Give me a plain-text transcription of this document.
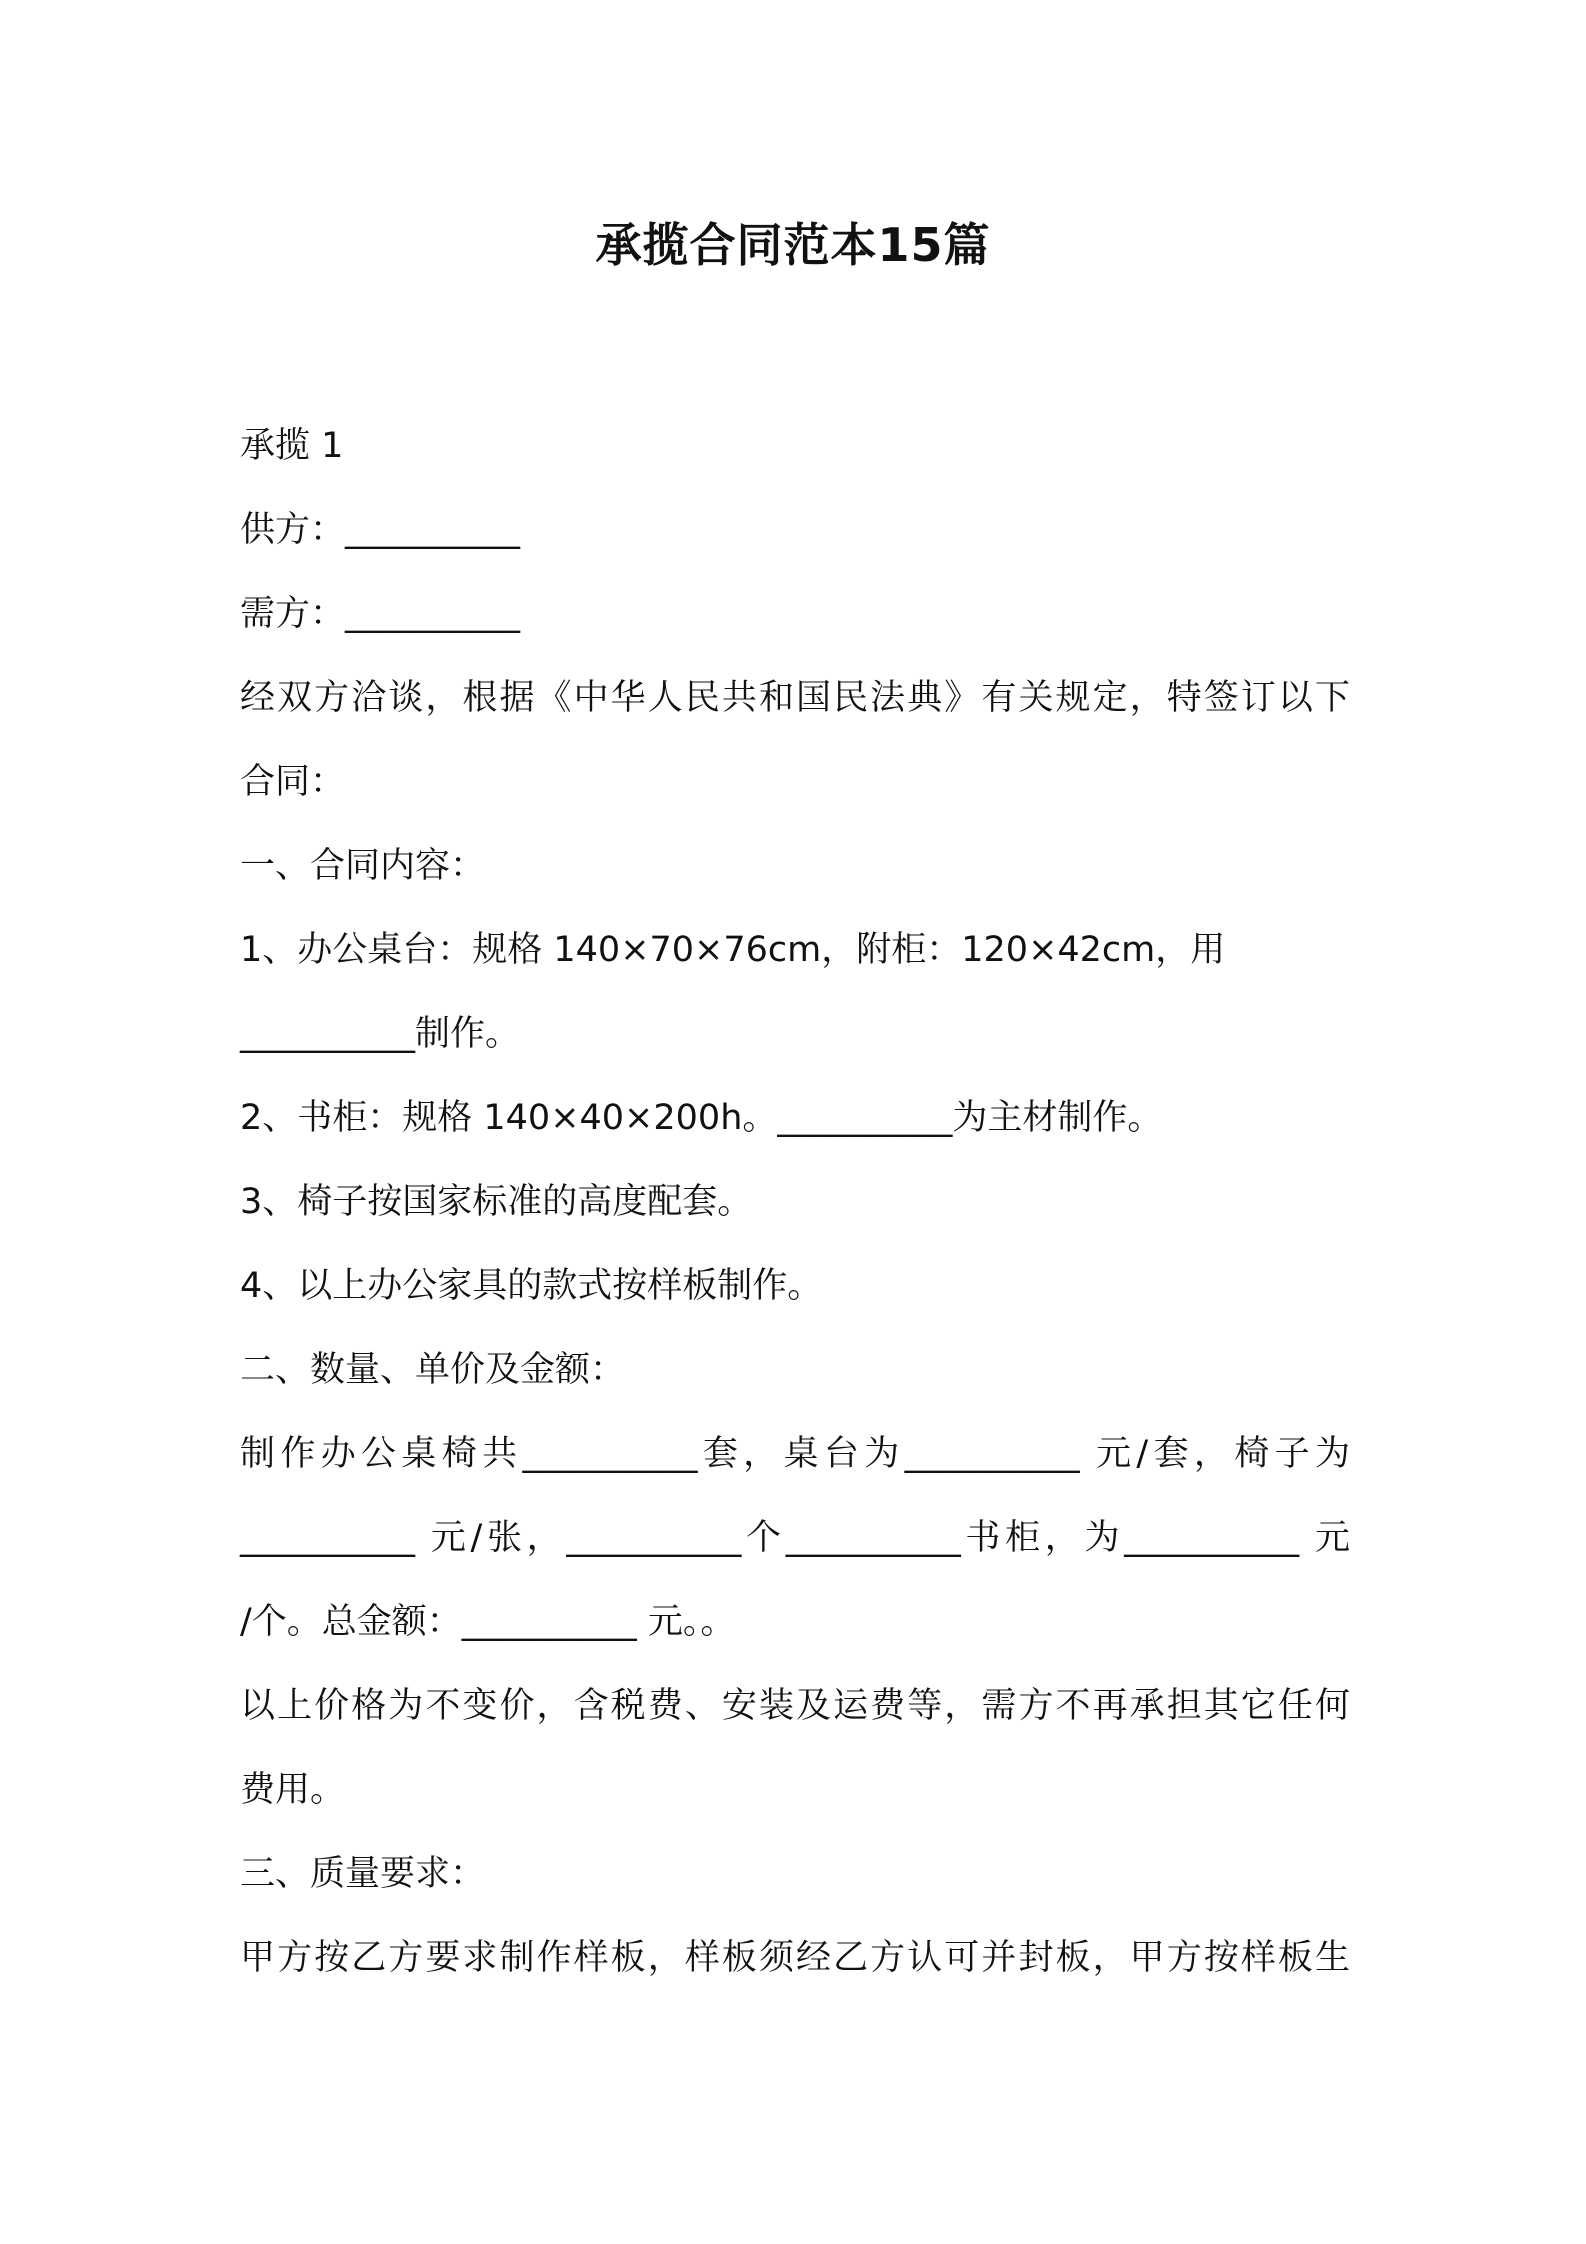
承揽合同范本15篇
承揽 1
供方：__________
需方：__________
经双方洽谈，根据《中华人民共和国民法典》有关规定，特签订以下
合同：
一、合同内容：
1、办公桌台：规格 140×70×76cm，附柜：120×42cm，用
__________制作。
2、书柜：规格 140×40×200h。__________为主材制作。
3、椅子按国家标准的高度配套。
4、以上办公家具的款式按样板制作。
二、数量、单价及金额：
制作办公桌椅共__________套，桌台为__________ 元/套，椅子为
__________ 元/张，__________个__________书柜，为__________ 元
/个。总金额：__________ 元。。
以上价格为不变价，含税费、安装及运费等，需方不再承担其它任何
费用。
三、质量要求：
甲方按乙方要求制作样板，样板须经乙方认可并封板，甲方按样板生
